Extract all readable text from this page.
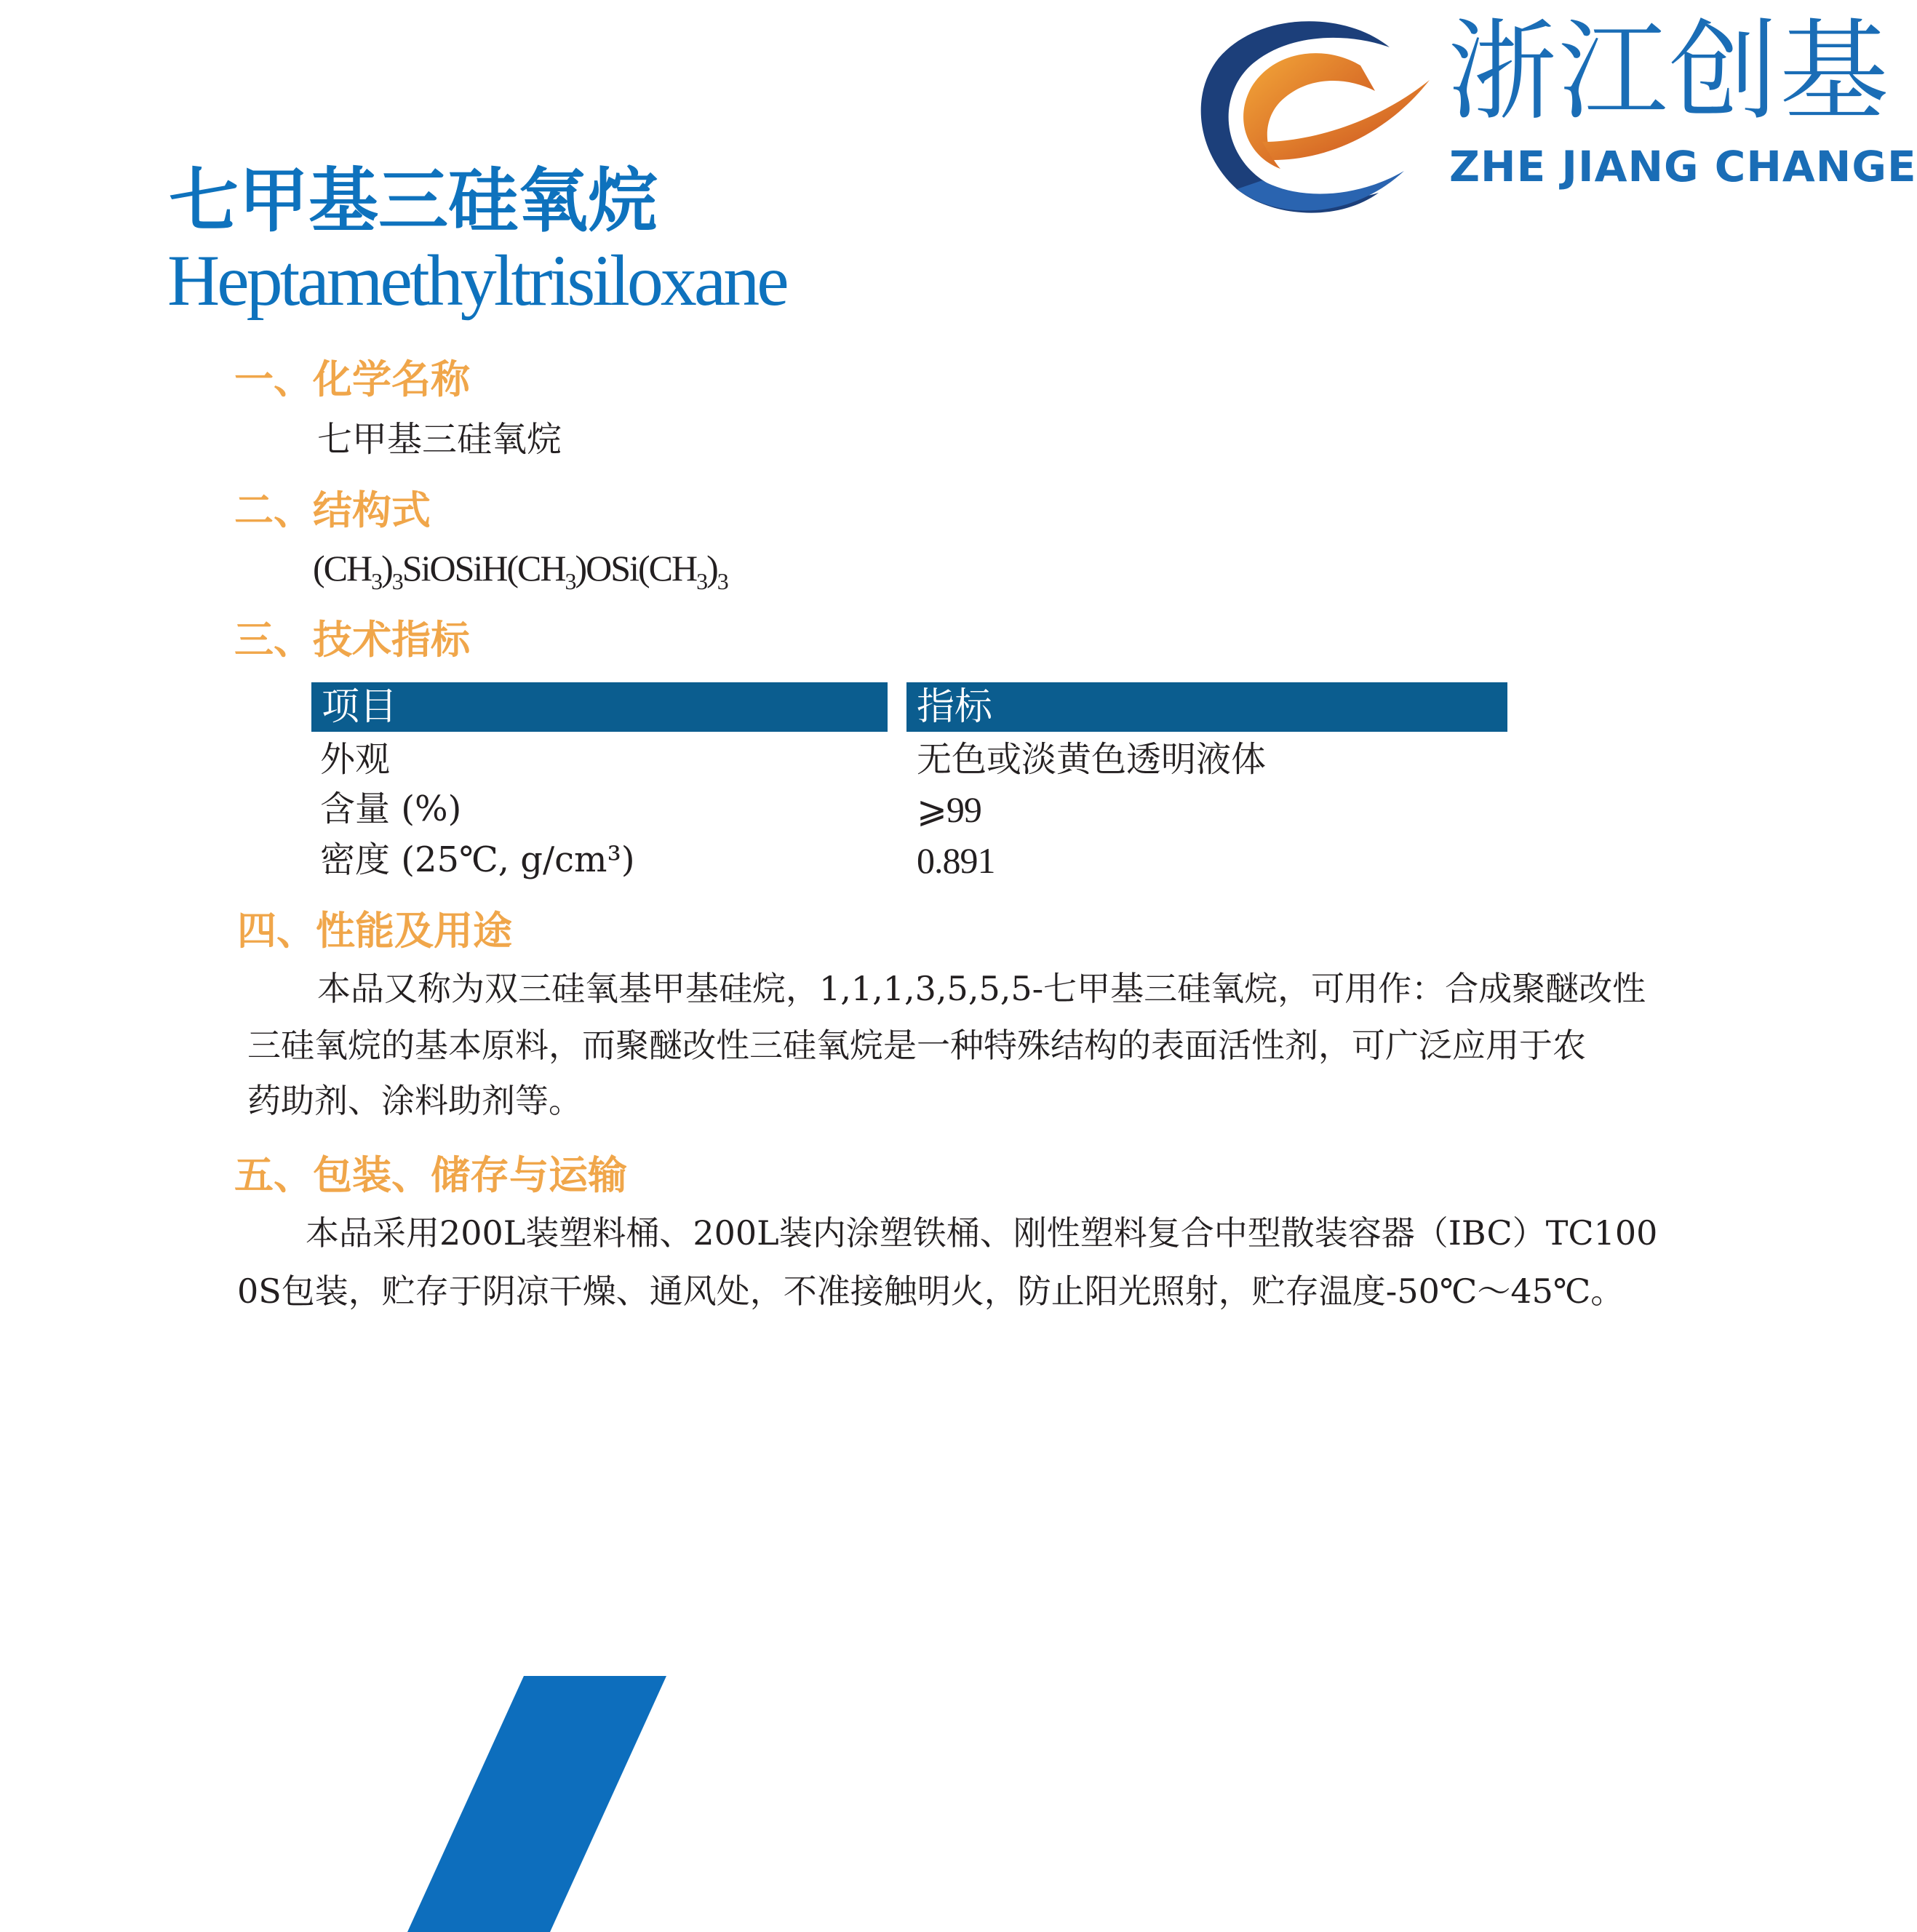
浙江创基
ZHE JIANG CHANGE
七甲基三硅氧烷
Heptamethyltrisiloxane
一、化学名称
七甲基三硅氧烷
二、结构式
$(CH_3)_3SiOSiH(CH_3)OSi(CH_3)_3$
三、技术指标
项目	指标
外观	无色或淡黄色透明液体
含量 (%)	⩾99
密度 (25℃, g/cm³)	0.891
四、性能及用途
本品又称为双三硅氧基甲基硅烷，1,1,1,3,5,5,5-七甲基三硅氧烷，可用作：合成聚醚改性
三硅氧烷的基本原料，而聚醚改性三硅氧烷是一种特殊结构的表面活性剂，可广泛应用于农
药助剂、涂料助剂等。
五、包装、储存与运输
本品采用200L装塑料桶、200L装内涂塑铁桶、刚性塑料复合中型散装容器（IBC）TC100
0S包装，贮存于阴凉干燥、通风处，不准接触明火，防止阳光照射，贮存温度-50℃～45℃。
